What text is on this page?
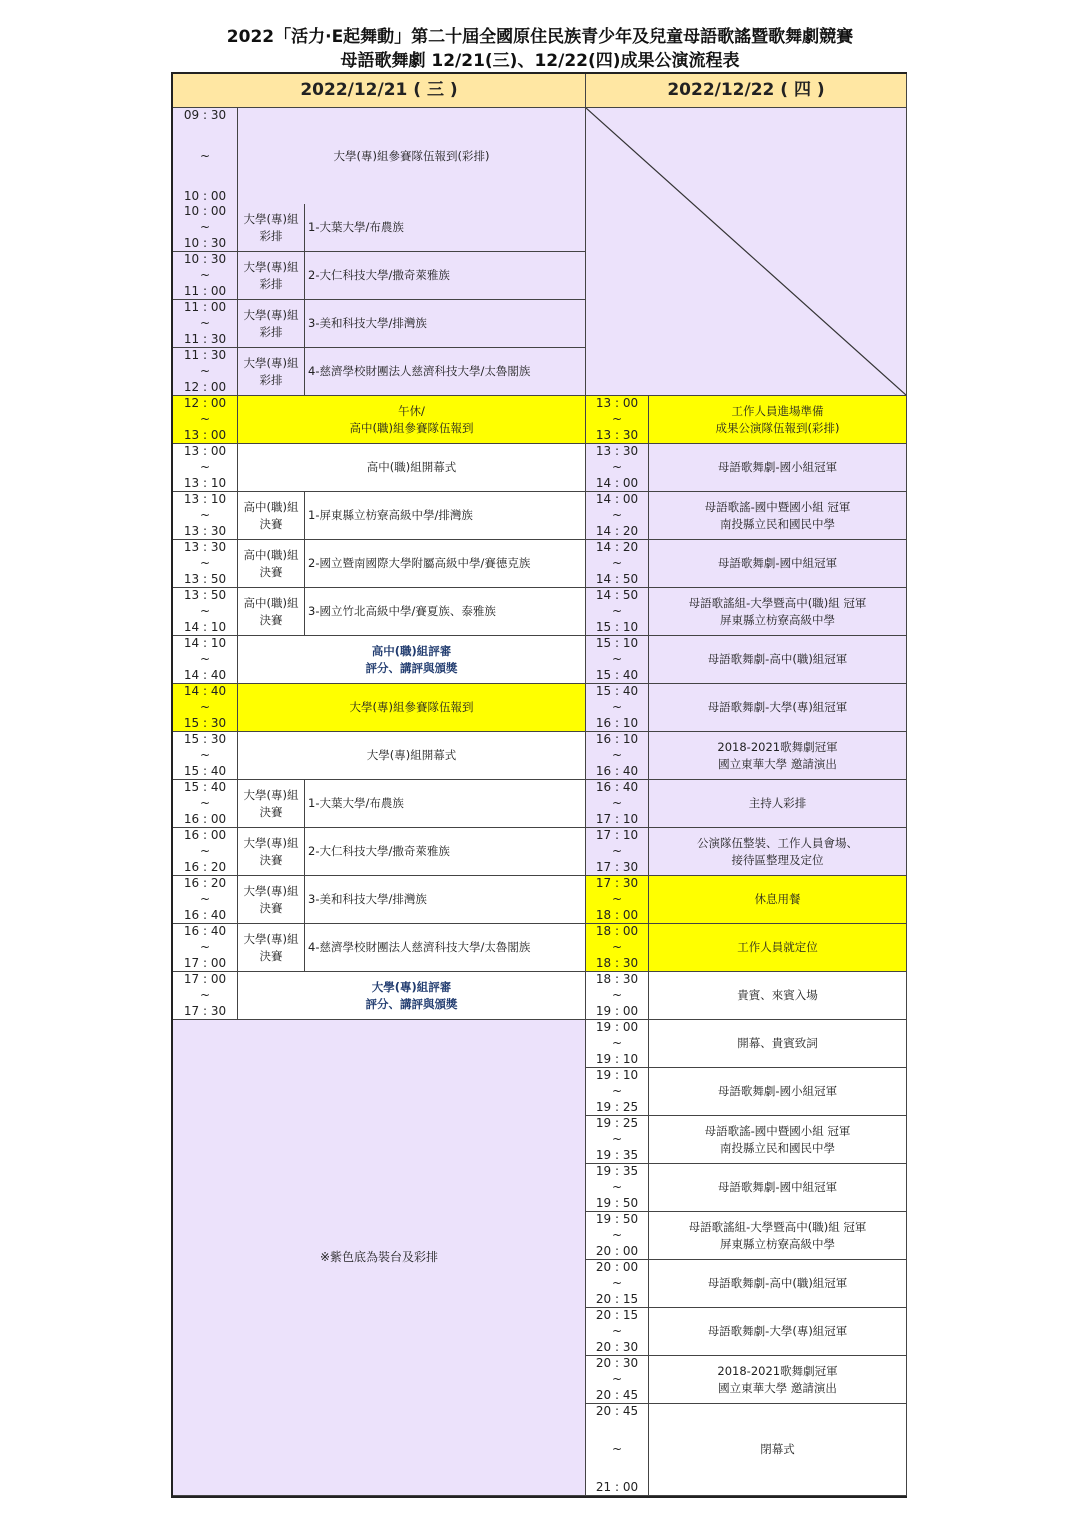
2022「活力·E起舞動」第二十屆全國原住民族青少年及兒童母語歌謠暨歌舞劇競賽
母語歌舞劇 12/21(三)、12/22(四)成果公演流程表
2022/12/21 ( 三 )	2022/12/22 ( 四 )
09 : 30
~
10 : 00
大學(專)組參賽隊伍報到(彩排)
10 : 00
~
10 : 30
大學(專)組
彩排
1-大葉大學/布農族
10 : 30
~
11 : 00
大學(專)組
彩排
2-大仁科技大學/撒奇萊雅族
11 : 00
~
11 : 30
大學(專)組
彩排
3-美和科技大學/排灣族
11 : 30
~
12 : 00
大學(專)組
彩排
4-慈濟學校財團法人慈濟科技大學/太魯閣族
12 : 00
~
13 : 00
午休/
高中(職)組參賽隊伍報到
13 : 00
~
13 : 10
高中(職)組開幕式
13 : 10
~
13 : 30
高中(職)組
決賽
1-屏東縣立枋寮高級中學/排灣族
13 : 30
~
13 : 50
高中(職)組
決賽
2-國立暨南國際大學附屬高級中學/賽德克族
13 : 50
~
14 : 10
高中(職)組
決賽
3-國立竹北高級中學/賽夏族、泰雅族
14 : 10
~
14 : 40
高中(職)組評審
評分、講評與頒獎
14 : 40
~
15 : 30
大學(專)組參賽隊伍報到
15 : 30
~
15 : 40
大學(專)組開幕式
15 : 40
~
16 : 00
大學(專)組
決賽
1-大葉大學/布農族
16 : 00
~
16 : 20
大學(專)組
決賽
2-大仁科技大學/撒奇萊雅族
16 : 20
~
16 : 40
大學(專)組
決賽
3-美和科技大學/排灣族
16 : 40
~
17 : 00
大學(專)組
決賽
4-慈濟學校財團法人慈濟科技大學/太魯閣族
17 : 00
~
17 : 30
大學(專)組評審
評分、講評與頒獎
※紫色底為裝台及彩排
13 : 00
~
13 : 30
工作人員進場準備
成果公演隊伍報到(彩排)
13 : 30
~
14 : 00
母語歌舞劇-國小組冠軍
14 : 00
~
14 : 20
母語歌謠-國中暨國小組 冠軍
南投縣立民和國民中學
14 : 20
~
14 : 50
母語歌舞劇-國中組冠軍
14 : 50
~
15 : 10
母語歌謠組-大學暨高中(職)組 冠軍
屏東縣立枋寮高級中學
15 : 10
~
15 : 40
母語歌舞劇-高中(職)組冠軍
15 : 40
~
16 : 10
母語歌舞劇-大學(專)組冠軍
16 : 10
~
16 : 40
2018-2021歌舞劇冠軍
國立東華大學 邀請演出
16 : 40
~
17 : 10
主持人彩排
17 : 10
~
17 : 30
公演隊伍整裝、工作人員會場、
接待區整理及定位
17 : 30
~
18 : 00
休息用餐
18 : 00
~
18 : 30
工作人員就定位
18 : 30
~
19 : 00
貴賓、來賓入場
19 : 00
~
19 : 10
開幕、貴賓致詞
19 : 10
~
19 : 25
母語歌舞劇-國小組冠軍
19 : 25
~
19 : 35
母語歌謠-國中暨國小組 冠軍
南投縣立民和國民中學
19 : 35
~
19 : 50
母語歌舞劇-國中組冠軍
19 : 50
~
20 : 00
母語歌謠組-大學暨高中(職)組 冠軍
屏東縣立枋寮高級中學
20 : 00
~
20 : 15
母語歌舞劇-高中(職)組冠軍
20 : 15
~
20 : 30
母語歌舞劇-大學(專)組冠軍
20 : 30
~
20 : 45
2018-2021歌舞劇冠軍
國立東華大學 邀請演出
20 : 45
~
21 : 00
閉幕式
